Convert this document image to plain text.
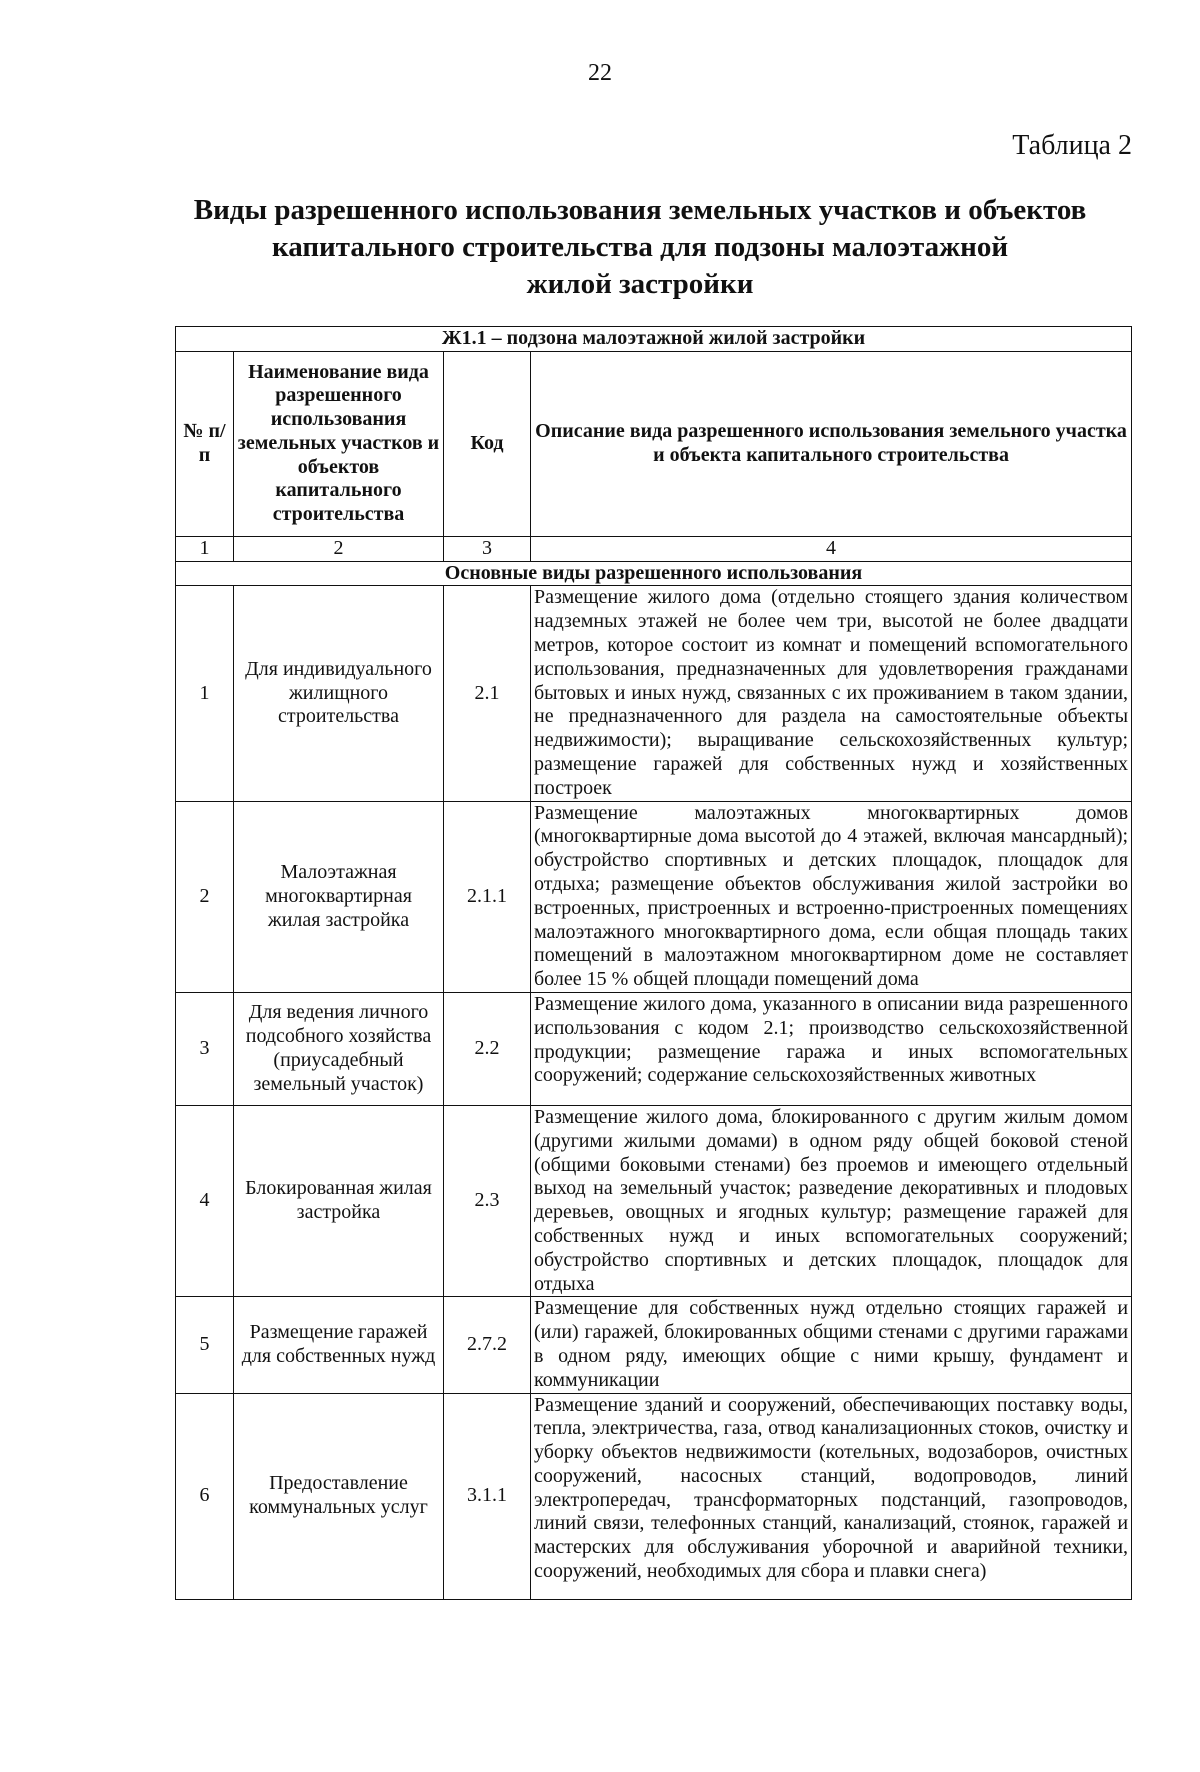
22
Таблица 2
Виды разрешенного использования земельных участков и объектов
капитального строительства для подзоны малоэтажной
жилой застройки
Ж1.1 – подзона малоэтажной жилой застройки			
№ п/п	Наименование вида разрешенного использования земельных участков и объектов капитального строительства	Код	Описание вида разрешенного использования земельного участка и объекта капитального строительства
1	2	3	4
Основные виды разрешенного использования			
1	Для индивидуального жилищного строительства	2.1	Размещение жилого дома (отдельно стоящего здания количеством надземных этажей не более чем три, высотой не более двадцати метров, которое состоит из комнат и помещений вспомогательного использования, предназначенных для удовлетворения гражданами бытовых и иных нужд, связанных с их проживанием в таком здании, не предназначенного для раздела на самостоятельные объекты недвижимости); выращивание сельскохозяйственных культур; размещение гаражей для собственных нужд и хозяйственных построек
2	Малоэтажная многоквартирная жилая застройка	2.1.1	Размещение малоэтажных многоквартирных домов (многоквартирные дома высотой до 4 этажей, включая мансардный); обустройство спортивных и детских площадок, площадок для отдыха; размещение объектов обслуживания жилой застройки во встроенных, пристроенных и встроенно-пристроенных помещениях малоэтажного многоквартирного дома, если общая площадь таких помещений в малоэтажном многоквартирном доме не составляет более 15 % общей площади помещений дома
3	Для ведения личного подсобного хозяйства (приусадебный земельный участок)	2.2	Размещение жилого дома, указанного в описании вида разрешенного использования с кодом 2.1; производство сельскохозяйственной продукции; размещение гаража и иных вспомогательных сооружений; содержание сельскохозяйственных животных
4	Блокированная жилая застройка	2.3	Размещение жилого дома, блокированного с другим жилым домом (другими жилыми домами) в одном ряду общей боковой стеной (общими боковыми стенами) без проемов и имеющего отдельный выход на земельный участок; разведение декоративных и плодовых деревьев, овощных и ягодных культур; размещение гаражей для собственных нужд и иных вспомогательных сооружений; обустройство спортивных и детских площадок, площадок для отдыха
5	Размещение гаражей для собственных нужд	2.7.2	Размещение для собственных нужд отдельно стоящих гаражей и (или) гаражей, блокированных общими стенами с другими гаражами в одном ряду, имеющих общие с ними крышу, фундамент и коммуникации
6	Предоставление коммунальных услуг	3.1.1	Размещение зданий и сооружений, обеспечивающих поставку воды, тепла, электричества, газа, отвод канализационных стоков, очистку и уборку объектов недвижимости (котельных, водозаборов, очистных сооружений, насосных станций, водопроводов, линий электропередач, трансформаторных подстанций, газопроводов, линий связи, телефонных станций, канализаций, стоянок, гаражей и мастерских для обслуживания уборочной и аварийной техники, сооружений, необходимых для сбора и плавки снега)
